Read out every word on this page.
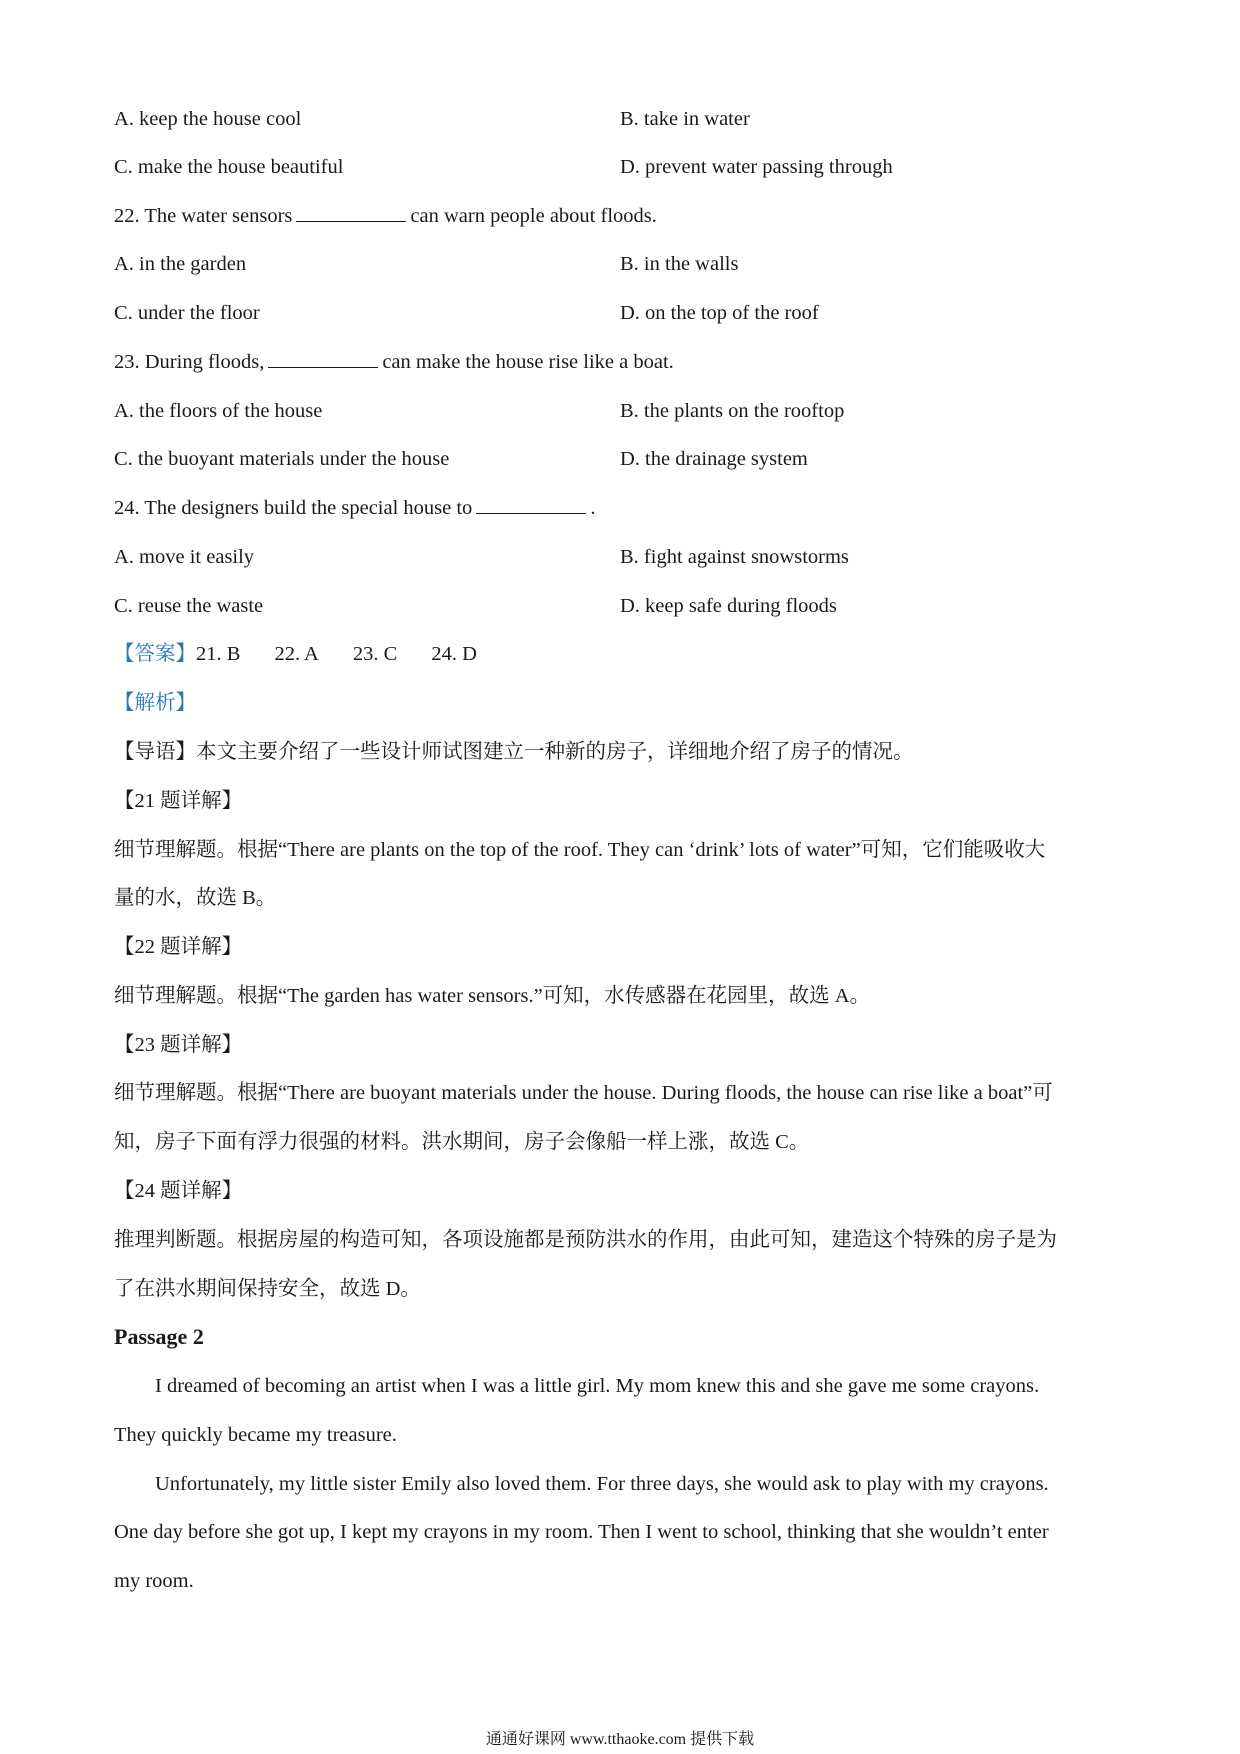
A. keep the house cool	B. take in water
C. make the house beautiful	D. prevent water passing through
22. The water sensors	can warn people about floods.
A. in the garden	B. in the walls
C. under the floor	D. on the top of the roof
23. During floods,	can make the house rise like a boat.
A. the floors of the house	B. the plants on the rooftop
C. the buoyant materials under the house	D. the drainage system
24. The designers build the special house to	.
A. move it easily	B. fight against snowstorms
C. reuse the waste	D. keep safe during floods
【答案】21. B 22. A 23. C 24. D
【解析】
【导语】本文主要介绍了一些设计师试图建立一种新的房子，详细地介绍了房子的情况。
【21 题详解】
细节理解题。根据“There are plants on the top of the roof. They can ‘drink’ lots of water”可知，它们能吸收大
量的水，故选 B。
【22 题详解】
细节理解题。根据“The garden has water sensors.”可知，水传感器在花园里，故选 A。
【23 题详解】
细节理解题。根据“There are buoyant materials under the house. During floods, the house can rise like a boat”可
知，房子下面有浮力很强的材料。洪水期间，房子会像船一样上涨，故选 C。
【24 题详解】
推理判断题。根据房屋的构造可知，各项设施都是预防洪水的作用，由此可知，建造这个特殊的房子是为
了在洪水期间保持安全，故选 D。
Passage 2
I dreamed of becoming an artist when I was a little girl. My mom knew this and she gave me some crayons.
They quickly became my treasure.
Unfortunately, my little sister Emily also loved them. For three days, she would ask to play with my crayons.
One day before she got up, I kept my crayons in my room. Then I went to school, thinking that she wouldn’t enter
my room.
通通好课网 www.tthaoke.com 提供下载
